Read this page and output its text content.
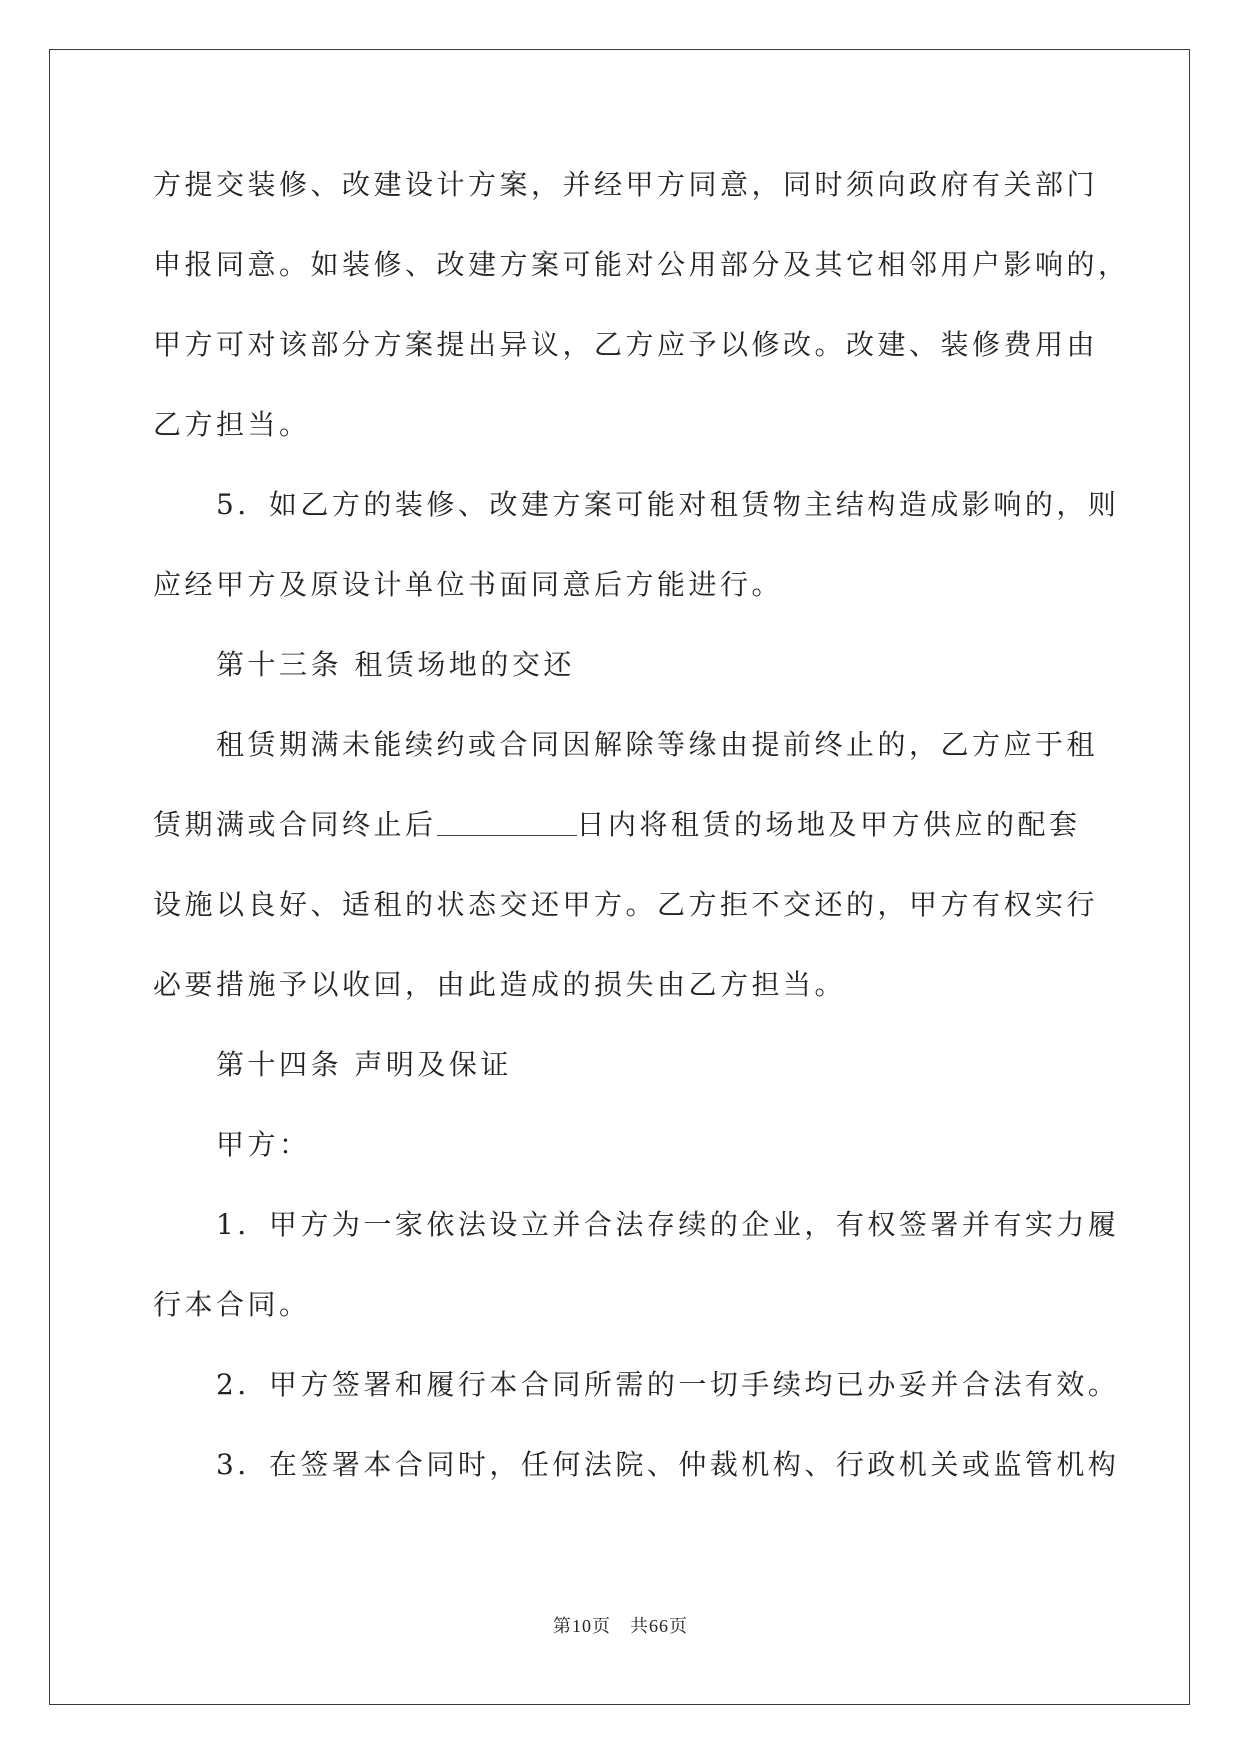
方提交装修、改建设计方案，并经甲方同意，同时须向政府有关部门
申报同意。如装修、改建方案可能对公用部分及其它相邻用户影响的，
甲方可对该部分方案提出异议，乙方应予以修改。改建、装修费用由
乙方担当。
5．如乙方的装修、改建方案可能对租赁物主结构造成影响的，则
应经甲方及原设计单位书面同意后方能进行。
第十三条 租赁场地的交还
租赁期满未能续约或合同因解除等缘由提前终止的，乙方应于租
赁期满或合同终止后	日内将租赁的场地及甲方供应的配套
设施以良好、适租的状态交还甲方。乙方拒不交还的，甲方有权实行
必要措施予以收回，由此造成的损失由乙方担当。
第十四条 声明及保证
甲方：
1．甲方为一家依法设立并合法存续的企业，有权签署并有实力履
行本合同。
2．甲方签署和履行本合同所需的一切手续均已办妥并合法有效。
3．在签署本合同时，任何法院、仲裁机构、行政机关或监管机构
第10页　共66页
